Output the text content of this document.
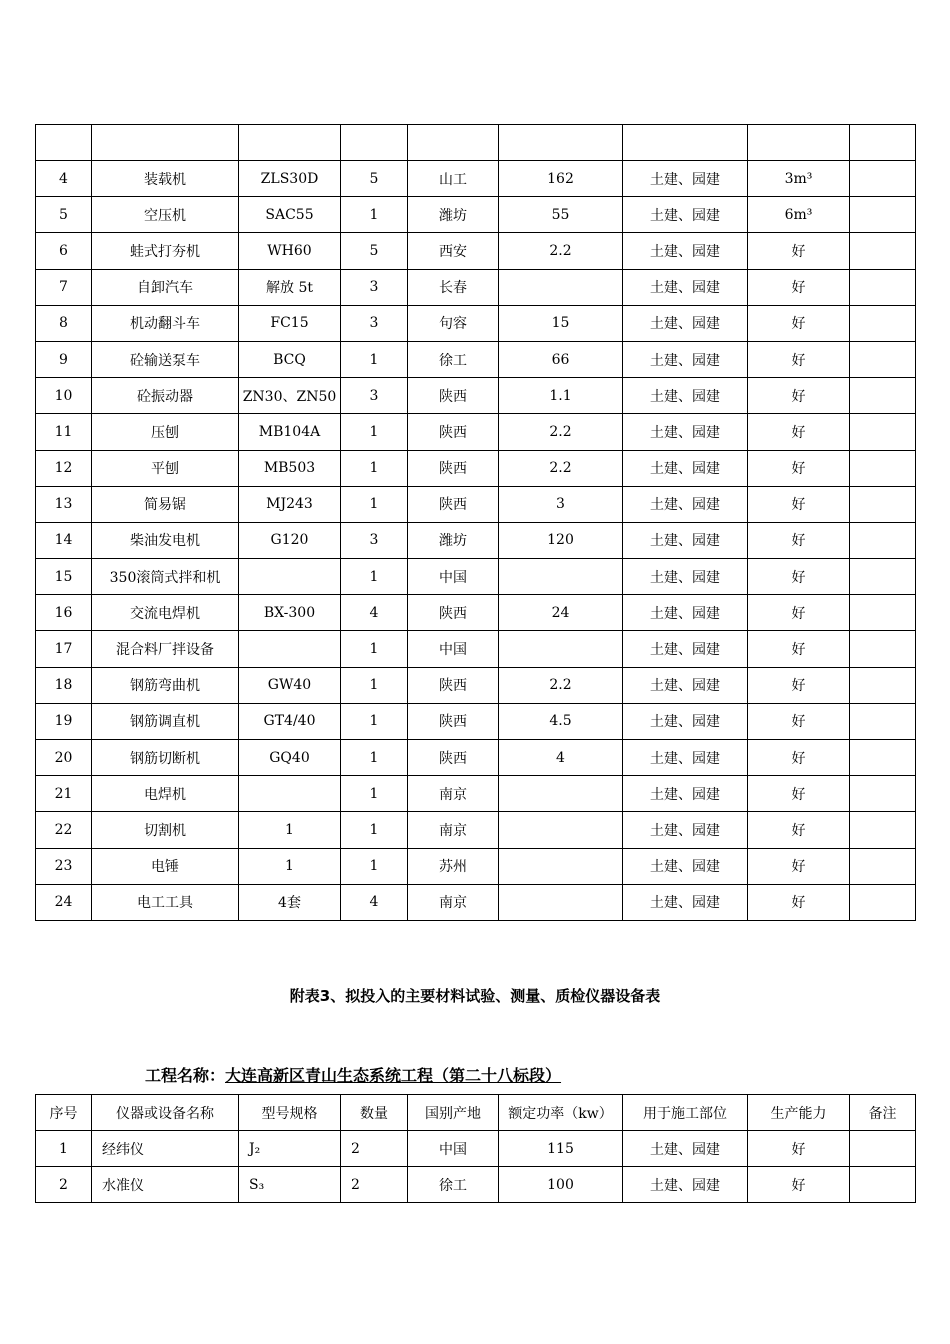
4	装载机	ZLS30D	5	山工	162	土建、园建	3m³	
5	空压机	SAC55	1	潍坊	55	土建、园建	6m³	
6	蛙式打夯机	WH60	5	西安	2.2	土建、园建	好	
7	自卸汽车	解放 5t	3	长春		土建、园建	好	
8	机动翻斗车	FC15	3	句容	15	土建、园建	好	
9	砼输送泵车	BCQ	1	徐工	66	土建、园建	好	
10	砼振动器	ZN30、ZN50	3	陕西	1.1	土建、园建	好	
11	压刨	MB104A	1	陕西	2.2	土建、园建	好	
12	平刨	MB503	1	陕西	2.2	土建、园建	好	
13	简易锯	MJ243	1	陕西	3	土建、园建	好	
14	柴油发电机	G120	3	潍坊	120	土建、园建	好	
15	350滚筒式拌和机		1	中国		土建、园建	好	
16	交流电焊机	BX-300	4	陕西	24	土建、园建	好	
17	混合料厂拌设备		1	中国		土建、园建	好	
18	钢筋弯曲机	GW40	1	陕西	2.2	土建、园建	好	
19	钢筋调直机	GT4/40	1	陕西	4.5	土建、园建	好	
20	钢筋切断机	GQ40	1	陕西	4	土建、园建	好	
21	电焊机		1	南京		土建、园建	好	
22	切割机	1	1	南京		土建、园建	好	
23	电锤	1	1	苏州		土建、园建	好	
24	电工工具	4套	4	南京		土建、园建	好	
附表3、拟投入的主要材料试验、测量、质检仪器设备表
工程名称：大连高新区青山生态系统工程（第二十八标段）
序号	仪器或设备名称	型号规格	数量	国别产地	额定功率（kw）	用于施工部位	生产能力	备注
1	经纬仪	J₂	2	中国	115	土建、园建	好	
2	水准仪	S₃	2	徐工	100	土建、园建	好	
